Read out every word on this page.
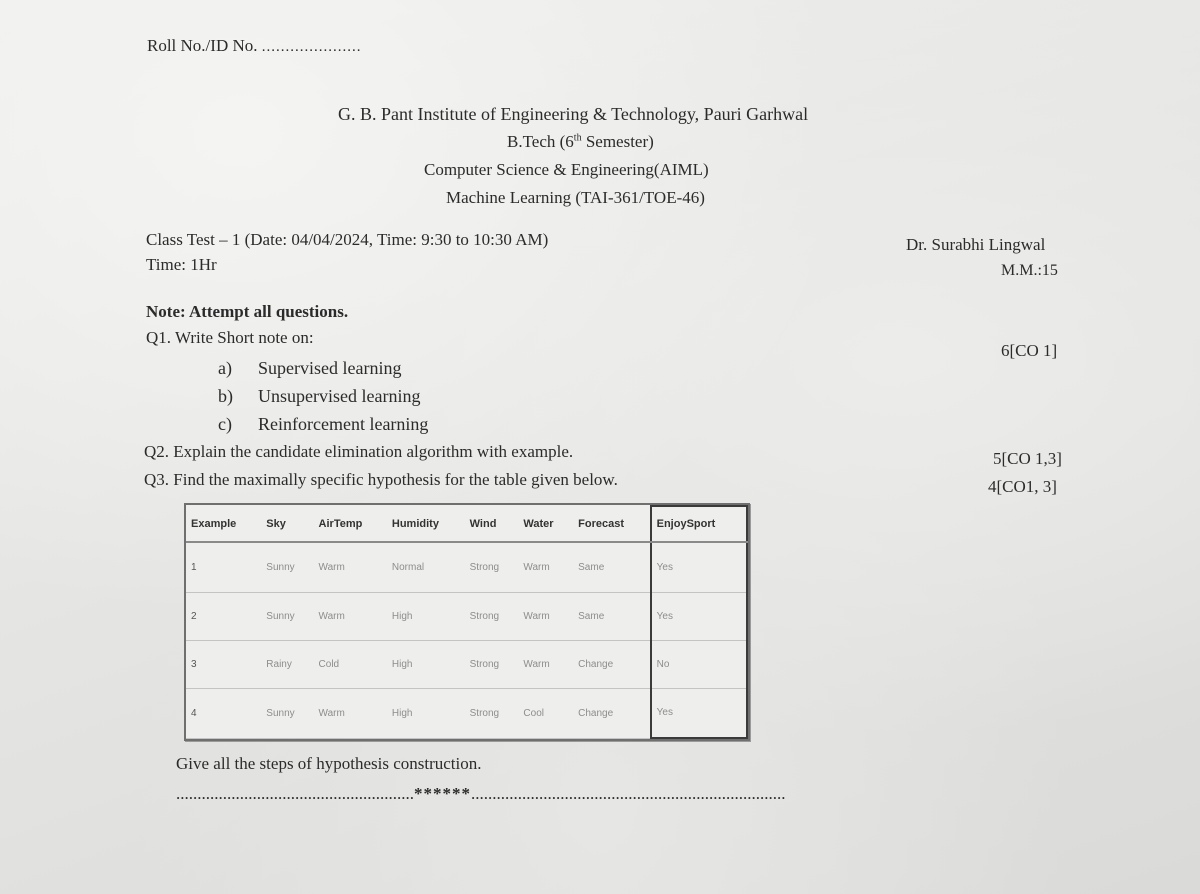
Roll No./ID No. .....................
G. B. Pant Institute of Engineering & Technology, Pauri Garhwal
B.Tech (6th Semester)
Computer Science & Engineering(AIML)
Machine Learning (TAI-361/TOE-46)
Class Test – 1 (Date: 04/04/2024, Time: 9:30 to 10:30 AM)
Time: 1Hr
Dr. Surabhi Lingwal
M.M.:15
Note: Attempt all questions.
Q1. Write Short note on:
6[CO 1]
a) Supervised learning
b) Unsupervised learning
c) Reinforcement learning
Q2. Explain the candidate elimination algorithm with example.	5[CO 1,3]
Q3. Find the maximally specific hypothesis for the table given below.	4[CO1, 3]
Example	Sky	AirTemp	Humidity	Wind	Water	Forecast	EnjoySport
1	Sunny	Warm	Normal	Strong	Warm	Same	Yes
2	Sunny	Warm	High	Strong	Warm	Same	Yes
3	Rainy	Cold	High	Strong	Warm	Change	No
4	Sunny	Warm	High	Strong	Cool	Change	Yes
Give all the steps of hypothesis construction.
........................................................******..........................................................................
